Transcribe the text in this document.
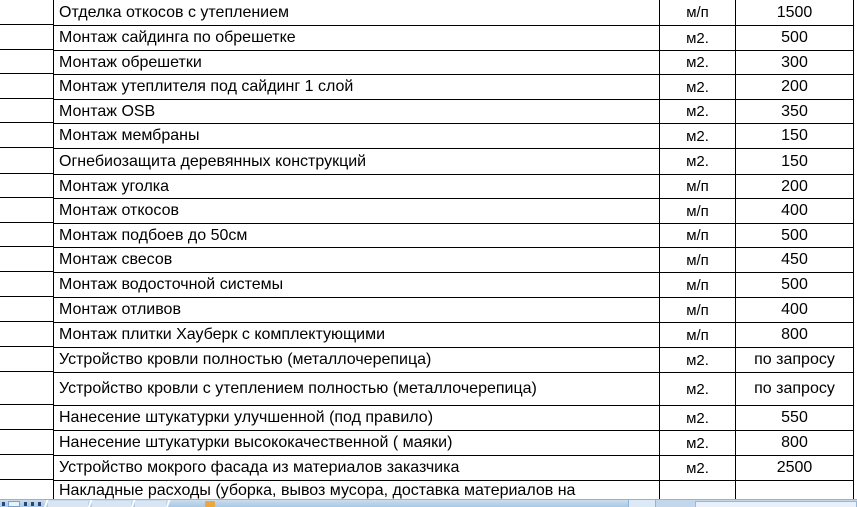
Отделка откосов с утеплением	м/п	1500
Монтаж сайдинга по обрешетке	м2.	500
Монтаж обрешетки	м2.	300
Монтаж утеплителя под сайдинг 1 слой	м2.	200
Монтаж OSB	м2.	350
Монтаж мембраны	м2.	150
Огнебиозащита деревянных конструкций	м2.	150
Монтаж уголка	м/п	200
Монтаж откосов	м/п	400
Монтаж подбоев до 50см	м/п	500
Монтаж свесов	м/п	450
Монтаж водосточной системы	м/п	500
Монтаж отливов	м/п	400
Монтаж плитки Хауберк с комплектующими	м/п	800
Устройство кровли полностью (металлочерепица)	м2.	по запросу
Устройство кровли с утеплением полностью (металлочерепица)	м2.	по запросу
Нанесение штукатурки улучшенной (под правило)	м2.	550
Нанесение штукатурки высококачественной ( маяки)	м2.	800
Устройство мокрого фасада из материалов заказчика	м2.	2500
Накладные расходы (уборка, вывоз мусора, доставка материалов на
